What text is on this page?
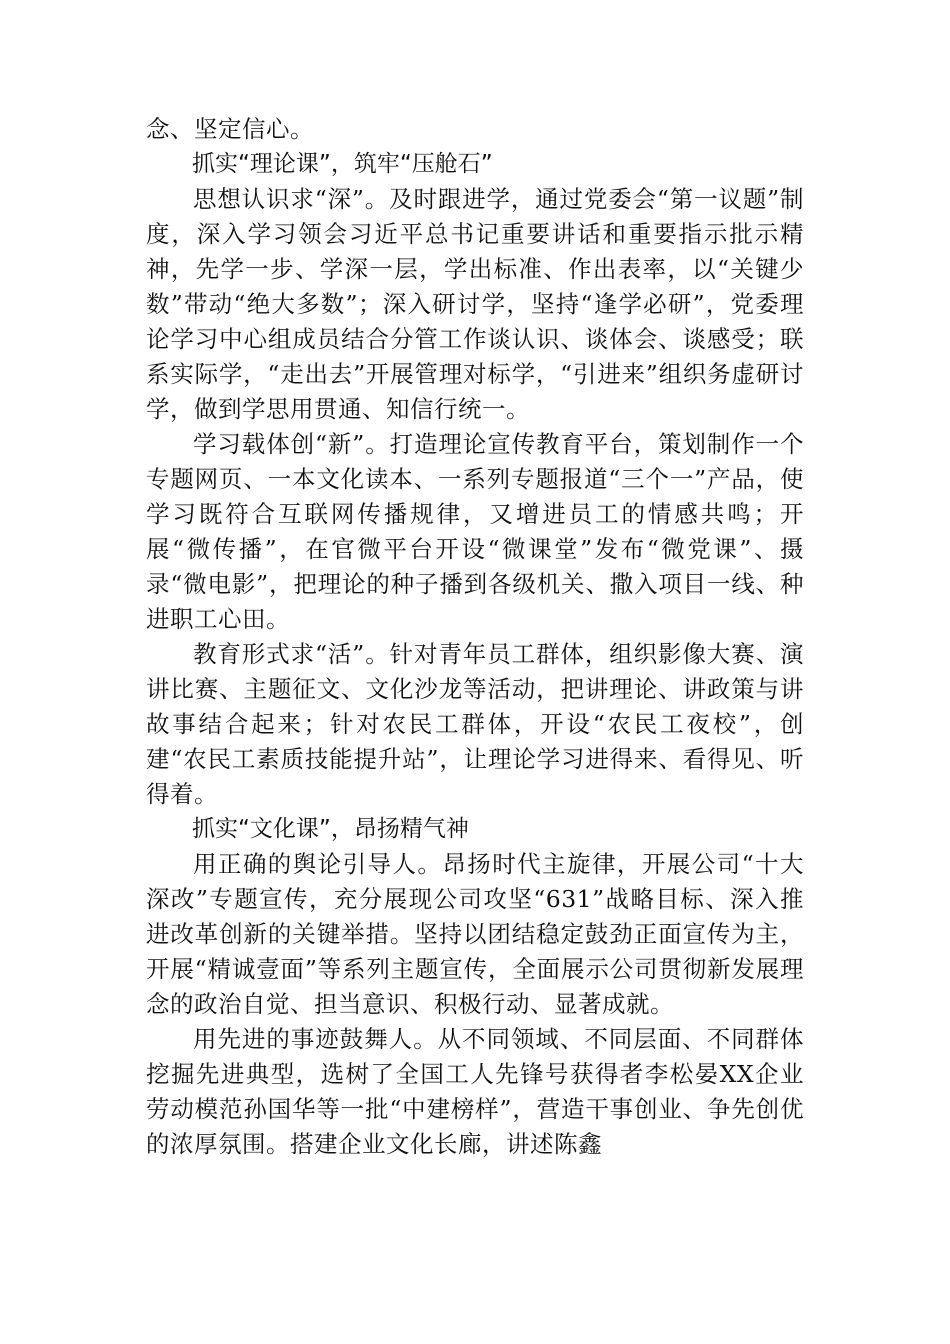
念、坚定信心。

抓实“理论课”，筑牢“压舱石”

思想认识求“深”。及时跟进学，通过党委会“第一议题”制度，深入学习领会习近平总书记重要讲话和重要指示批示精神，先学一步、学深一层，学出标准、作出表率，以“关键少数”带动“绝大多数”；深入研讨学，坚持“逢学必研”，党委理论学习中心组成员结合分管工作谈认识、谈体会、谈感受；联系实际学，“走出去”开展管理对标学，“引进来”组织务虚研讨学，做到学思用贯通、知信行统一。

学习载体创“新”。打造理论宣传教育平台，策划制作一个专题网页、一本文化读本、一系列专题报道“三个一”产品，使学习既符合互联网传播规律，又增进员工的情感共鸣；开展“微传播”，在官微平台开设“微课堂”发布“微党课”、摄录“微电影”，把理论的种子播到各级机关、撒入项目一线、种进职工心田。

教育形式求“活”。针对青年员工群体，组织影像大赛、演讲比赛、主题征文、文化沙龙等活动，把讲理论、讲政策与讲故事结合起来；针对农民工群体，开设“农民工夜校”，创建“农民工素质技能提升站”，让理论学习进得来、看得见、听得着。

抓实“文化课”，昂扬精气神

用正确的舆论引导人。昂扬时代主旋律，开展公司“十大深改”专题宣传，充分展现公司攻坚“631”战略目标、深入推进改革创新的关键举措。坚持以团结稳定鼓劲正面宣传为主，开展“精诚壹面”等系列主题宣传，全面展示公司贯彻新发展理念的政治自觉、担当意识、积极行动、显著成就。

用先进的事迹鼓舞人。从不同领域、不同层面、不同群体挖掘先进典型，选树了全国工人先锋号获得者李松晏XX企业劳动模范孙国华等一批“中建榜样”，营造干事创业、争先创优的浓厚氛围。搭建企业文化长廊，讲述陈鑫
